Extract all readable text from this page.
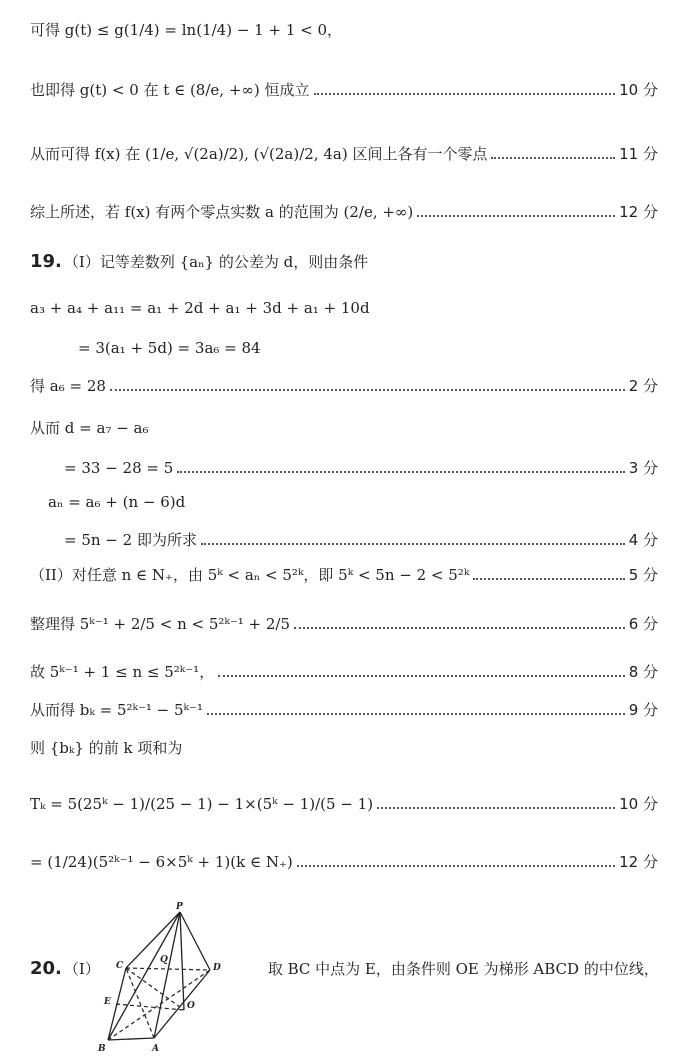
可得 g(t) ≤ g(1/4) = ln(1/4) − 1 + 1 < 0，
也即得 g(t) < 0 在 t ∈ (8/e, +∞) 恒成立	10 分
从而可得 f(x) 在 (1/e, √(2a)/2), (√(2a)/2, 4a) 区间上各有一个零点	11 分
综上所述，若 f(x) 有两个零点实数 a 的范围为 (2/e, +∞)	12 分
19. （I）记等差数列 {aₙ} 的公差为 d，则由条件
a₃ + a₄ + a₁₁ = a₁ + 2d + a₁ + 3d + a₁ + 10d
= 3(a₁ + 5d) = 3a₆ = 84
得 a₆ = 28	2 分
从而 d = a₇ − a₆
= 33 − 28 = 5	3 分
aₙ = a₆ + (n − 6)d
= 5n − 2 即为所求	4 分
（II）对任意 n ∈ N₊，由 5ᵏ < aₙ < 5²ᵏ，即 5ᵏ < 5n − 2 < 5²ᵏ	5 分
整理得 5ᵏ⁻¹ + 2/5 < n < 5²ᵏ⁻¹ + 2/5	6 分
故 5ᵏ⁻¹ + 1 ≤ n ≤ 5²ᵏ⁻¹，	8 分
从而得 bₖ = 5²ᵏ⁻¹ − 5ᵏ⁻¹	9 分
则 {bₖ} 的前 k 项和为
Tₖ = 5(25ᵏ − 1)/(25 − 1) − 1×(5ᵏ − 1)/(5 − 1)	10 分
= (1/24)(5²ᵏ⁻¹ − 6×5ᵏ + 1)(k ∈ N₊)	12 分
20. （I）	取 BC 中点为 E，由条件则 OE 为梯形 ABCD 的中位线，
P
C	D
Q
E	O
B	A
